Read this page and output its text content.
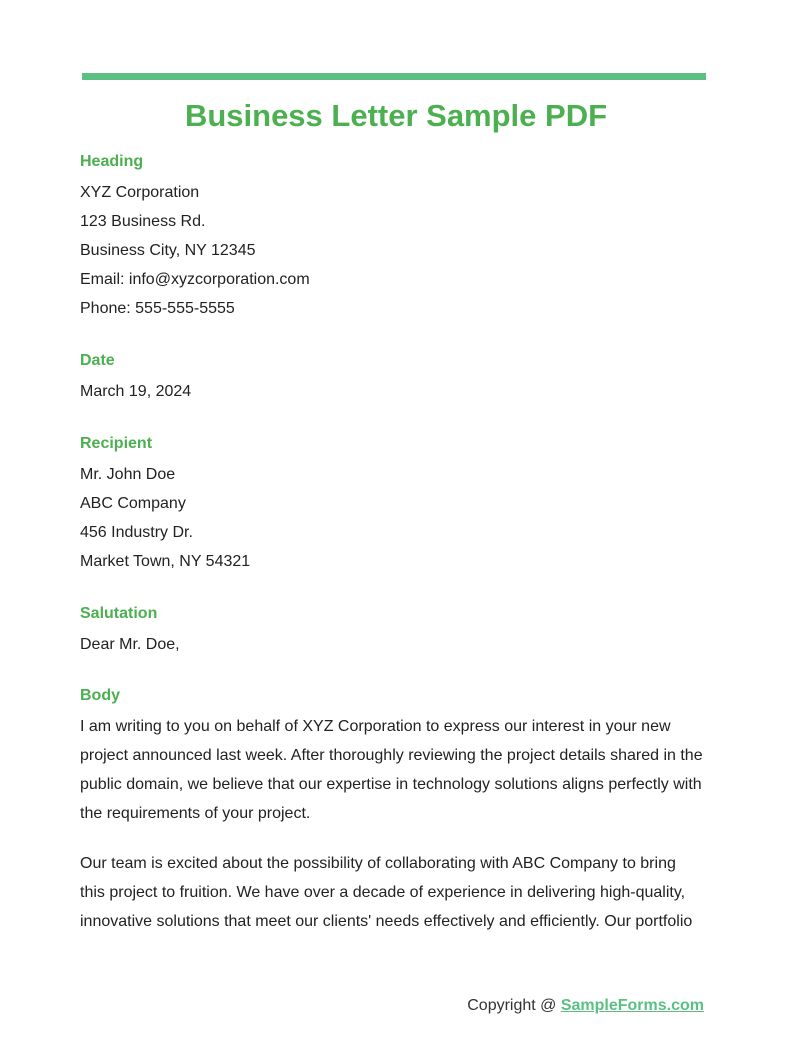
Business Letter Sample PDF

Heading

XYZ Corporation

123 Business Rd.

Business City, NY 12345

Email: info@xyzcorporation.com

Phone: 555-555-5555

Date

March 19, 2024

Recipient

Mr. John Doe

ABC Company

456 Industry Dr.

Market Town, NY 54321

Salutation

Dear Mr. Doe,

Body

I am writing to you on behalf of XYZ Corporation to express our interest in your new
project announced last week. After thoroughly reviewing the project details shared in the
public domain, we believe that our expertise in technology solutions aligns perfectly with
the requirements of your project.

Our team is excited about the possibility of collaborating with ABC Company to bring
this project to fruition. We have over a decade of experience in delivering high-quality,
innovative solutions that meet our clients' needs effectively and efficiently. Our portfolio

Copyright @ SampleForms.com
